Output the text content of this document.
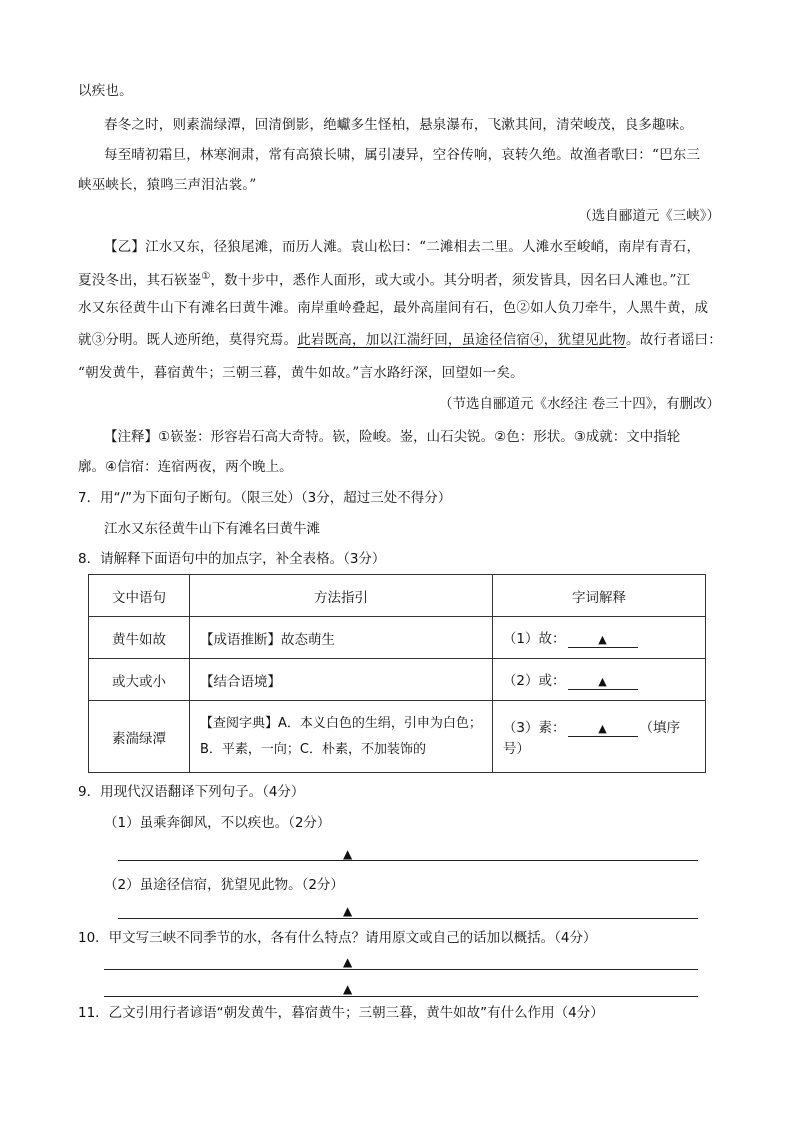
以疾也。
春冬之时，则素湍绿潭，回清倒影，绝巘多生怪柏，悬泉瀑布，飞漱其间，清荣峻茂，良多趣味。
每至晴初霜旦，林寒涧肃，常有高猿长啸，属引凄异，空谷传响，哀转久绝。故渔者歌曰：“巴东三
峡巫峡长，猿鸣三声泪沾裳。”
（选自郦道元《三峡》）
【乙】江水又东，径狼尾滩，而历人滩。袁山松曰：“二滩相去二里。人滩水至峻峭，南岸有青石，
夏没冬出，其石嵚崟①，数十步中，悉作人面形，或大或小。其分明者，须发皆具，因名曰人滩也。”江
水又东径黄牛山下有滩名曰黄牛滩。南岸重岭叠起，最外高崖间有石，色②如人负刀牵牛，人黑牛黄，成
就③分明。既人迹所绝，莫得究焉。此岩既高，加以江湍纡回，虽途径信宿④，犹望见此物。故行者谣曰：
“朝发黄牛，暮宿黄牛；三朝三暮，黄牛如故。”言水路纡深，回望如一矣。
（节选自郦道元《水经注 卷三十四》，有删改）
【注释】①嵚崟：形容岩石高大奇特。嵚，险峻。崟，山石尖锐。②色：形状。③成就：文中指轮
廓。④信宿：连宿两夜，两个晚上。
7．用“/”为下面句子断句。（限三处）（3分，超过三处不得分）
江水又东径黄牛山下有滩名曰黄牛滩
8．请解释下面语句中的加点字，补全表格。（3分）
文中语句	方法指引	字词解释
黄牛如故	【成语推断】故态萌生	（1）故： ▲
或大或小	【结合语境】	（2）或： ▲
素湍绿潭	【查阅字典】A．本义白色的生绢，引申为白色；
B．平素，一向；C．朴素，不加装饰的	（3）素： ▲ （填序号）
9．用现代汉语翻译下列句子。（4分）
（1）虽乘奔御风，不以疾也。（2分）
▲
（2）虽途径信宿，犹望见此物。（2分）
▲
10．甲文写三峡不同季节的水，各有什么特点？请用原文或自己的话加以概括。（4分）
▲
▲
11．乙文引用行者谚语“朝发黄牛，暮宿黄牛；三朝三暮，黄牛如故”有什么作用（4分）
